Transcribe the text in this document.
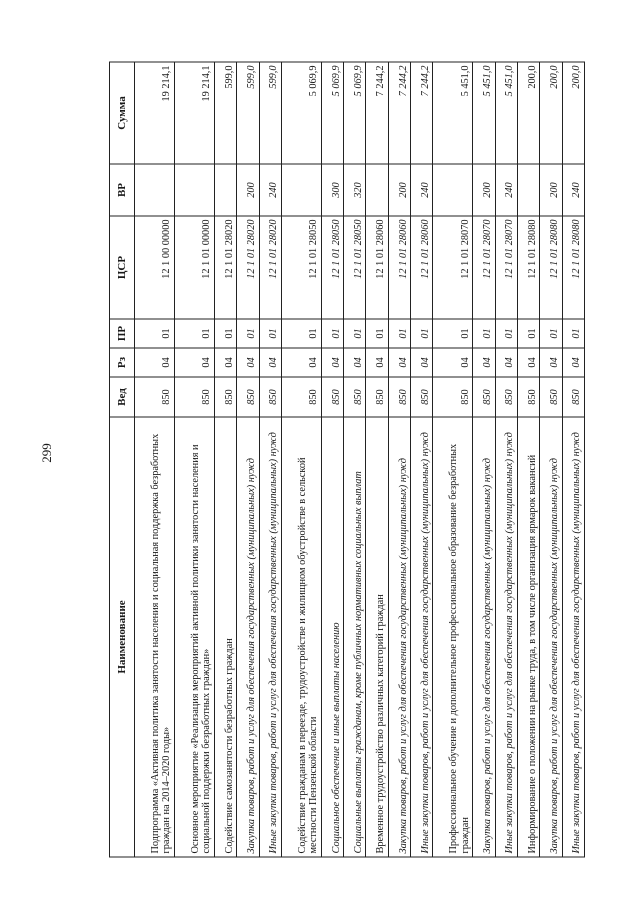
299
Наименование	Вед	Рз	ПР	ЦСР	ВР	Сумма
Подпрограмма «Активная политика занятости населения и социальная поддержка безработных граждан на 2014–2020 годы»	850	04	01	12 1 00 00000		19 214,1
Основное мероприятие «Реализация мероприятий активной политики занятости населения и социальной поддержки безработных граждан»	850	04	01	12 1 01 00000		19 214,1
Содействие самозанятости безработных граждан	850	04	01	12 1 01 28020		599,0
Закупка товаров, работ и услуг для обеспечения государственных (муниципальных) нужд	850	04	01	12 1 01 28020	200	599,0
Иные закупки товаров, работ и услуг для обеспечения государственных (муниципальных) нужд	850	04	01	12 1 01 28020	240	599,0
Содействие гражданам в переезде, трудоустройстве и жилищном обустройстве в сельской местности Пензенской области	850	04	01	12 1 01 28050		5 069,9
Социальное обеспечение и иные выплаты населению	850	04	01	12 1 01 28050	300	5 069,9
Социальные выплаты гражданам, кроме публичных нормативных социальных выплат	850	04	01	12 1 01 28050	320	5 069,9
Временное трудоустройство различных категорий граждан	850	04	01	12 1 01 28060		7 244,2
Закупка товаров, работ и услуг для обеспечения государственных (муниципальных) нужд	850	04	01	12 1 01 28060	200	7 244,2
Иные закупки товаров, работ и услуг для обеспечения государственных (муниципальных) нужд	850	04	01	12 1 01 28060	240	7 244,2
Профессиональное обучение и дополнительное профессиональное образование безработных граждан	850	04	01	12 1 01 28070		5 451,0
Закупка товаров, работ и услуг для обеспечения государственных (муниципальных) нужд	850	04	01	12 1 01 28070	200	5 451,0
Иные закупки товаров, работ и услуг для обеспечения государственных (муниципальных) нужд	850	04	01	12 1 01 28070	240	5 451,0
Информирование о положении на рынке труда, в том числе организация ярмарок вакансий	850	04	01	12 1 01 28080		200,0
Закупка товаров, работ и услуг для обеспечения государственных (муниципальных) нужд	850	04	01	12 1 01 28080	200	200,0
Иные закупки товаров, работ и услуг для обеспечения государственных (муниципальных) нужд	850	04	01	12 1 01 28080	240	200,0
